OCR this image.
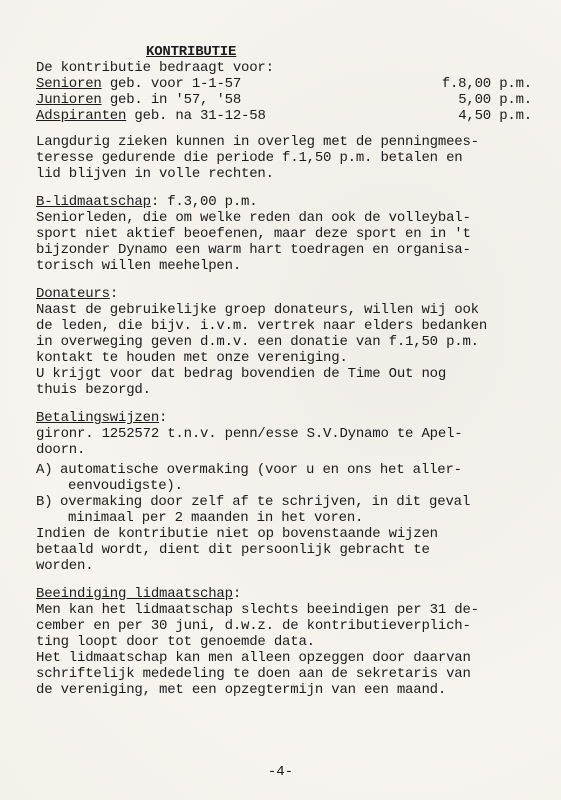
KONTRIBUTIE
De kontributie bedraagt voor:
Senioren geb. voor 1-1-57	f.8,00 p.m.
Junioren geb. in '57, '58	5,00 p.m.
Adspiranten geb. na 31-12-58	4,50 p.m.
Langdurig zieken kunnen in overleg met de penningmees-
teresse gedurende die periode f.1,50 p.m. betalen en
lid blijven in volle rechten.
B-lidmaatschap: f.3,00 p.m.
Seniorleden, die om welke reden dan ook de volleybal-
sport niet aktief beoefenen, maar deze sport en in 't
bijzonder Dynamo een warm hart toedragen en organisa-
torisch willen meehelpen.
Donateurs:
Naast de gebruikelijke groep donateurs, willen wij ook
de leden, die bijv. i.v.m. vertrek naar elders bedanken
in overweging geven d.m.v. een donatie van f.1,50 p.m.
kontakt te houden met onze vereniging.
U krijgt voor dat bedrag bovendien de Time Out nog
thuis bezorgd.
Betalingswijzen:
gironr. 1252572 t.n.v. penn/esse S.V.Dynamo te Apel-
doorn.
A) automatische overmaking (voor u en ons het aller-
eenvoudigste).
B) overmaking door zelf af te schrijven, in dit geval
minimaal per 2 maanden in het voren.
Indien de kontributie niet op bovenstaande wijzen
betaald wordt, dient dit persoonlijk gebracht te
worden.
Beeindiging lidmaatschap:
Men kan het lidmaatschap slechts beeindigen per 31 de-
cember en per 30 juni, d.w.z. de kontributieverplich-
ting loopt door tot genoemde data.
Het lidmaatschap kan men alleen opzeggen door daarvan
schriftelijk mededeling te doen aan de sekretaris van
de vereniging, met een opzegtermijn van een maand.
-4-
